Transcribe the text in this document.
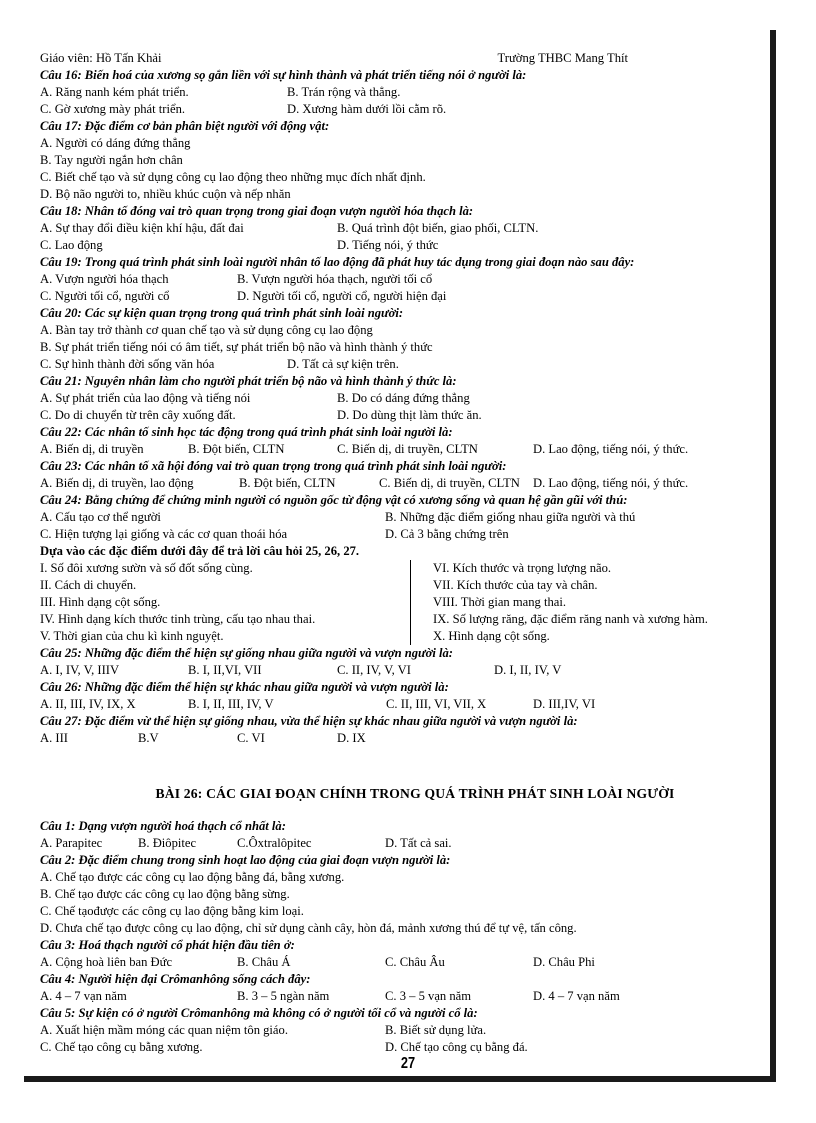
Giáo viên: Hồ Tấn Khải	Trường THBC Mang Thít
Câu 16: Biến hoá của xương sọ gắn liền với sự hình thành và phát triển tiếng nói ở người là:
A. Răng nanh kém phát triển.	B. Trán rộng và thẳng.
C. Gờ xương mày phát triển.	D. Xương hàm dưới lồi cằm rõ.
Câu 17: Đặc điểm cơ bản phân biệt người với động vật:
A. Người có dáng đứng thẳng
B. Tay người ngắn hơn chân
C. Biết chế tạo và sử dụng công cụ lao động theo những mục đích nhất định.
D. Bộ não người to, nhiều khúc cuộn và nếp nhăn
Câu 18: Nhân tố đóng vai trò quan trọng trong giai đoạn vượn người hóa thạch là:
A. Sự thay đổi điều kiện khí hậu, đất đai	B. Quá trình đột biến, giao phối, CLTN.
C. Lao động	D. Tiếng nói, ý thức
Câu 19: Trong quá trình phát sinh loài người nhân tố lao động đã phát huy tác dụng trong giai đoạn nào sau đây:
A. Vượn người hóa thạch	B. Vượn người hóa thạch, người tối cổ
C. Người tối cổ, người cổ	D. Người tối cổ, người cổ, người hiện đại
Câu 20: Các sự kiện quan trọng trong quá trình phát sinh loài người:
A. Bàn tay trở thành cơ quan chế tạo và sử dụng công cụ lao động
B. Sự phát triển tiếng nói có âm tiết, sự phát triển bộ não và hình thành ý thức
C. Sự hình thành đời sống văn hóa	D. Tất cả sự kiện trên.
Câu 21: Nguyên nhân làm cho người phát triển bộ não và hình thành ý thức là:
A. Sự phát triển của lao động và tiếng nói	B. Do có dáng đứng thẳng
C. Do di chuyển từ trên cây xuống đất.	D. Do dùng thịt làm thức ăn.
Câu 22: Các nhân tố sinh học tác động trong quá trình phát sinh loài người là:
A. Biến dị, di truyền	B. Đột biến, CLTN	C. Biến dị, di truyền, CLTN	D. Lao động, tiếng nói, ý thức.
Câu 23: Các nhân tố xã hội đóng vai trò quan trọng trong quá trình phát sinh loài người:
A. Biến dị, di truyền, lao động	B. Đột biến, CLTN	C. Biến dị, di truyền, CLTN D. Lao động, tiếng nói, ý thức.
Câu 24: Bằng chứng để chứng minh người có nguồn gốc từ động vật có xương sống và quan hệ gần gũi với thú:
A. Cấu tạo cơ thể người	B. Những đặc điểm giống nhau giữa người và thú
C. Hiện tượng lại giống và các cơ quan thoái hóa	D. Cả 3 bằng chứng trên
Dựa vào các đặc điểm dưới đây để trả lời câu hỏi 25, 26, 27.
I. Số đôi xương sườn và số đốt sống cùng.
II. Cách di chuyển.
III. Hình dạng cột sống.
IV. Hình dạng kích thước tinh trùng, cấu tạo nhau thai.
V. Thời gian của chu kì kinh nguyệt.
VI. Kích thước và trọng lượng não.
VII. Kích thước của tay và chân.
VIII. Thời gian mang thai.
IX. Số lượng răng, đặc điểm răng nanh và xương hàm.
X. Hình dạng cột sống.
Câu 25: Những đặc điểm thể hiện sự giống nhau giữa người và vượn người là:
A. I, IV, V, IIIV	B. I, II,VI, VII	C. II, IV, V, VI	D. I, II, IV, V
Câu 26: Những đặc điểm thể hiện sự khác nhau giữa người và vượn người là:
A. II, III, IV, IX, X	B. I, II, III, IV, V	C. II, III, VI, VII, X	D. III,IV, VI
Câu 27: Đặc điểm vừ thể hiện sự giống nhau, vừa thể hiện sự khác nhau giữa người và vượn người là:
A. III	B.V	C. VI	D. IX
BÀI 26: CÁC GIAI ĐOẠN CHÍNH TRONG QUÁ TRÌNH PHÁT SINH LOÀI NGƯỜI
Câu 1: Dạng vượn người hoá thạch cổ nhất là:
A. Parapitec	B. Điôpitec	C.Ôxtralôpitec	D. Tất cả sai.
Câu 2: Đặc điểm chung trong sinh hoạt lao động của giai đoạn vượn người là:
A. Chế tạo được các công cụ lao động bằng đá, bằng xương.
B. Chế tạo được các công cụ lao động bằng sừng.
C. Chế tạođược các công cụ lao động bằng kim loại.
D. Chưa chế tạo được công cụ lao động, chỉ sử dụng cành cây, hòn đá, mảnh xương thú để tự vệ, tấn công.
Câu 3: Hoá thạch người cổ phát hiện đầu tiên ở:
A. Cộng hoà liên ban Đức	B. Châu Á	C. Châu Âu	D. Châu Phi
Câu 4: Người hiện đại Crômanhông sống cách đây:
A. 4 – 7 vạn năm	B. 3 – 5 ngàn năm	C. 3 – 5 vạn năm	D. 4 – 7 vạn năm
Câu 5: Sự kiện có ở người Crômanhông mà không có ở người tối cổ và người cổ là:
A. Xuất hiện mầm móng các quan niệm tôn giáo.	B. Biết sử dụng lửa.
C. Chế tạo công cụ bằng xương.	D. Chế tạo công cụ bằng đá.
27
